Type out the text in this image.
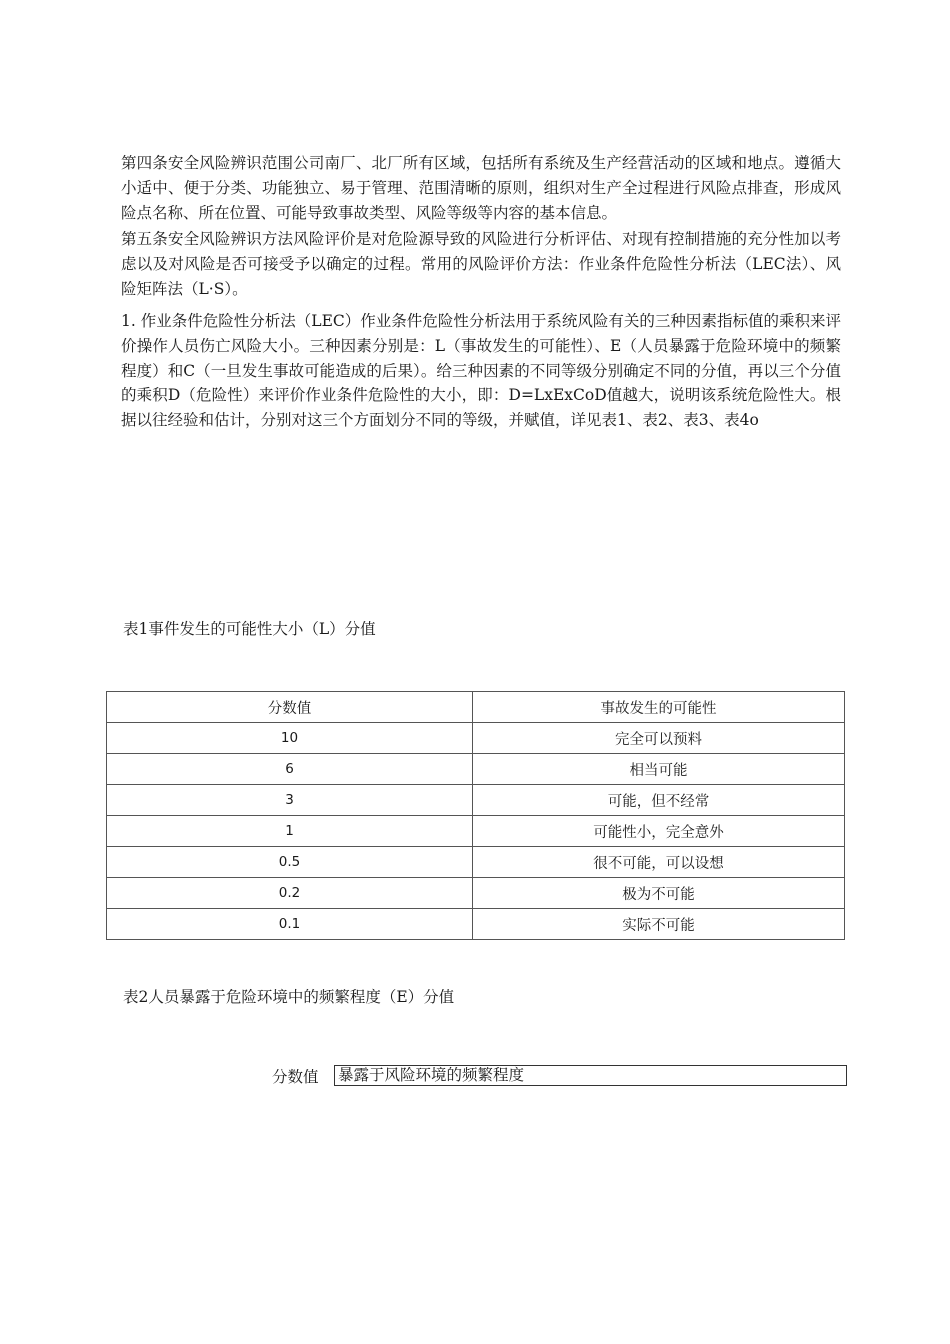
第四条安全风险辨识范围公司南厂、北厂所有区域，包括所有系统及生产经营活动的区域和地点。遵循大小适中、便于分类、功能独立、易于管理、范围清晰的原则，组织对生产全过程进行风险点排查，形成风险点名称、所在位置、可能导致事故类型、风险等级等内容的基本信息。

第五条安全风险辨识方法风险评价是对危险源导致的风险进行分析评估、对现有控制措施的充分性加以考虑以及对风险是否可接受予以确定的过程。常用的风险评价方法：作业条件危险性分析法（LEC法）、风险矩阵法（L·S）。

1. 作业条件危险性分析法（LEC）作业条件危险性分析法用于系统风险有关的三种因素指标值的乘积来评价操作人员伤亡风险大小。三种因素分别是：L（事故发生的可能性）、E（人员暴露于危险环境中的频繁程度）和C（一旦发生事故可能造成的后果）。给三种因素的不同等级分别确定不同的分值，再以三个分值的乘积D（危险性）来评价作业条件危险性的大小，即：D=LxExCoD值越大，说明该系统危险性大。根据以往经验和估计，分别对这三个方面划分不同的等级，并赋值，详见表1、表2、表3、表4o

表1事件发生的可能性大小（L）分值

分数值	事故发生的可能性
10	完全可以预料
6	相当可能
3	可能，但不经常
1	可能性小，完全意外
0.5	很不可能，可以设想
0.2	极为不可能
0.1	实际不可能

表2人员暴露于危险环境中的频繁程度（E）分值

分数值 暴露于风险环境的频繁程度
